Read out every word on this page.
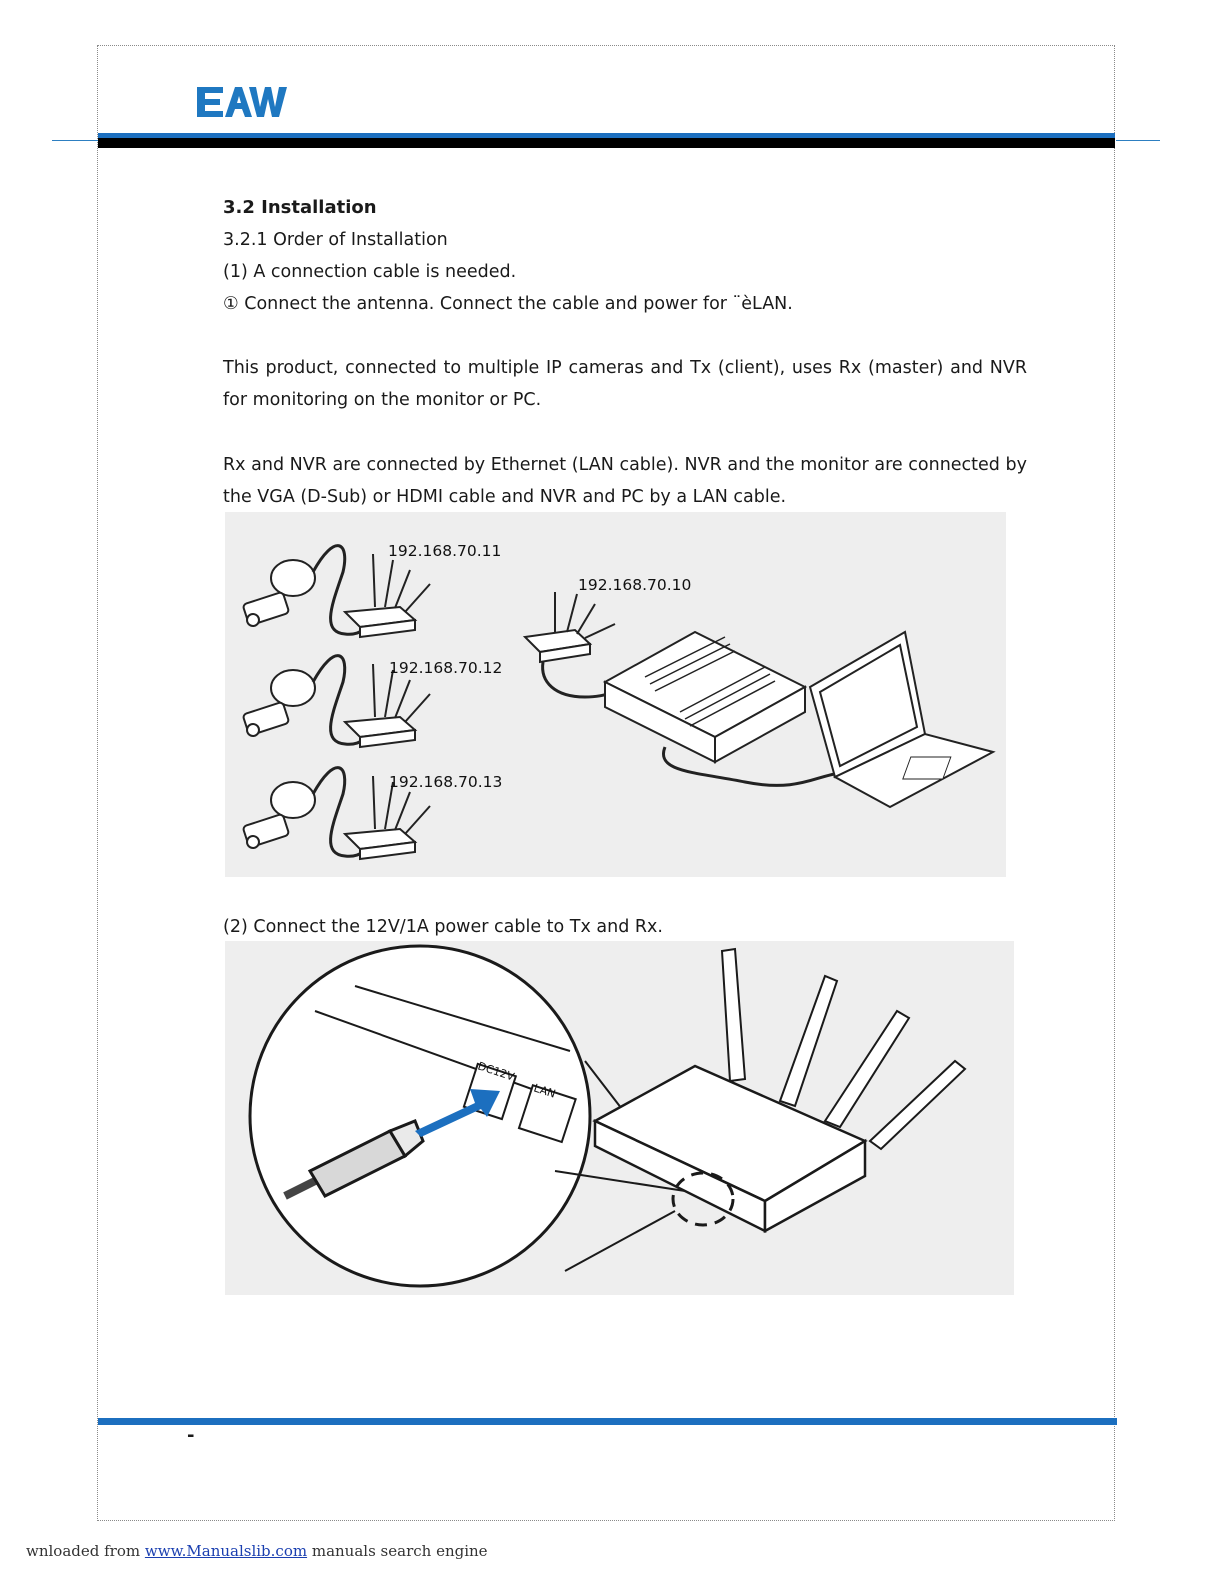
3.2 Installation
3.2.1 Order of Installation
(1) A connection cable is needed.
① Connect the antenna. Connect the cable and power for ¨èLAN.
This product, connected to multiple IP cameras and Tx (client), uses Rx (master) and NVR for monitoring on the monitor or PC.
Rx and NVR are connected by Ethernet (LAN cable). NVR and the monitor are connected by the VGA (D-Sub) or HDMI cable and NVR and PC by a LAN cable.
192.168.70.11
192.168.70.12
192.168.70.13
192.168.70.10
(2) Connect the 12V/1A power cable to Tx and Rx.
DC12V
LAN
-
wnloaded from www.Manualslib.com manuals search engine
